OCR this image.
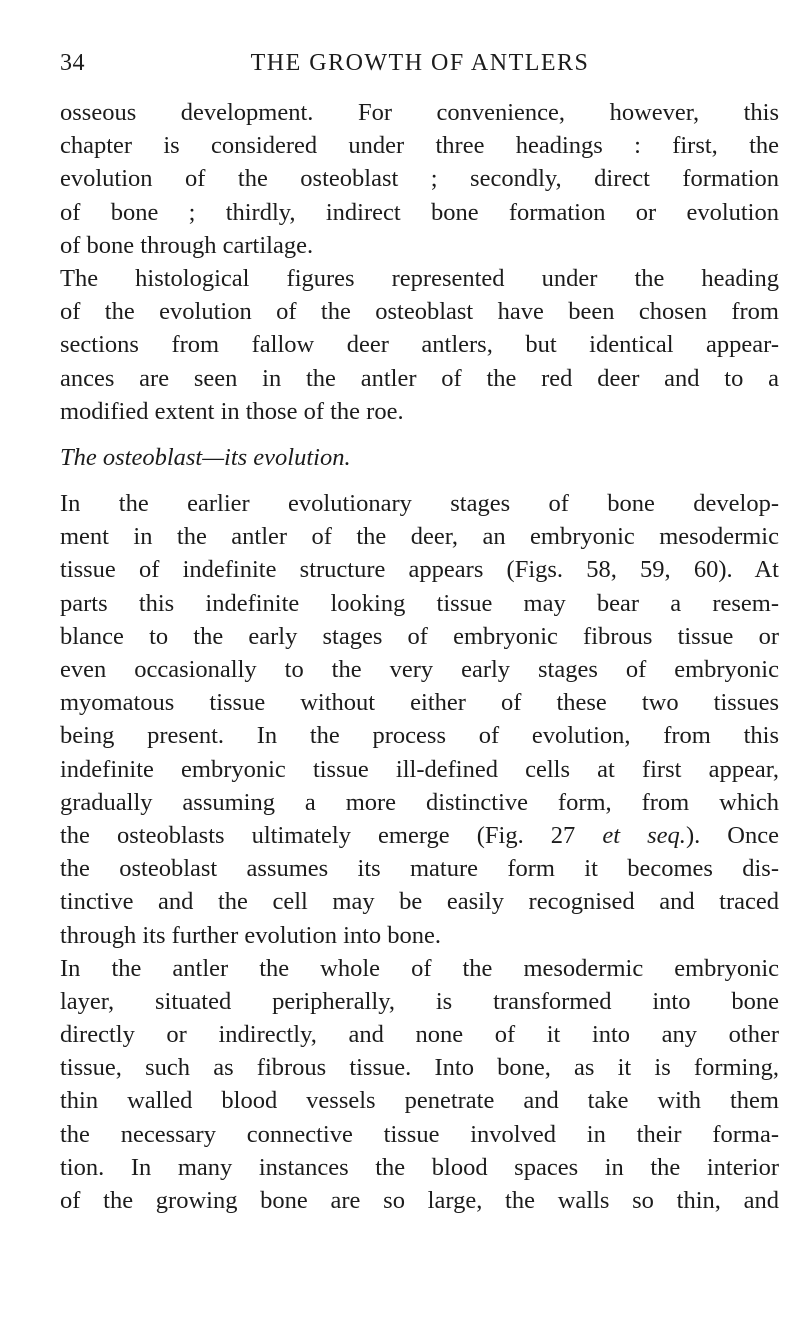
34	THE GROWTH OF ANTLERS
osseous development. For convenience, however, this
chapter is considered under three headings : first, the
evolution of the osteoblast ; secondly, direct formation
of bone ; thirdly, indirect bone formation or evolution
of bone through cartilage.
The histological figures represented under the heading
of the evolution of the osteoblast have been chosen from
sections from fallow deer antlers, but identical appear-
ances are seen in the antler of the red deer and to a
modified extent in those of the roe.
The osteoblast—its evolution.
In the earlier evolutionary stages of bone develop-
ment in the antler of the deer, an embryonic mesodermic
tissue of indefinite structure appears (Figs. 58, 59, 60). At
parts this indefinite looking tissue may bear a resem-
blance to the early stages of embryonic fibrous tissue or
even occasionally to the very early stages of embryonic
myomatous tissue without either of these two tissues
being present. In the process of evolution, from this
indefinite embryonic tissue ill-defined cells at first appear,
gradually assuming a more distinctive form, from which
the osteoblasts ultimately emerge (Fig. 27 et seq.). Once
the osteoblast assumes its mature form it becomes dis-
tinctive and the cell may be easily recognised and traced
through its further evolution into bone.
In the antler the whole of the mesodermic embryonic
layer, situated peripherally, is transformed into bone
directly or indirectly, and none of it into any other
tissue, such as fibrous tissue. Into bone, as it is forming,
thin walled blood vessels penetrate and take with them
the necessary connective tissue involved in their forma-
tion. In many instances the blood spaces in the interior
of the growing bone are so large, the walls so thin, and
